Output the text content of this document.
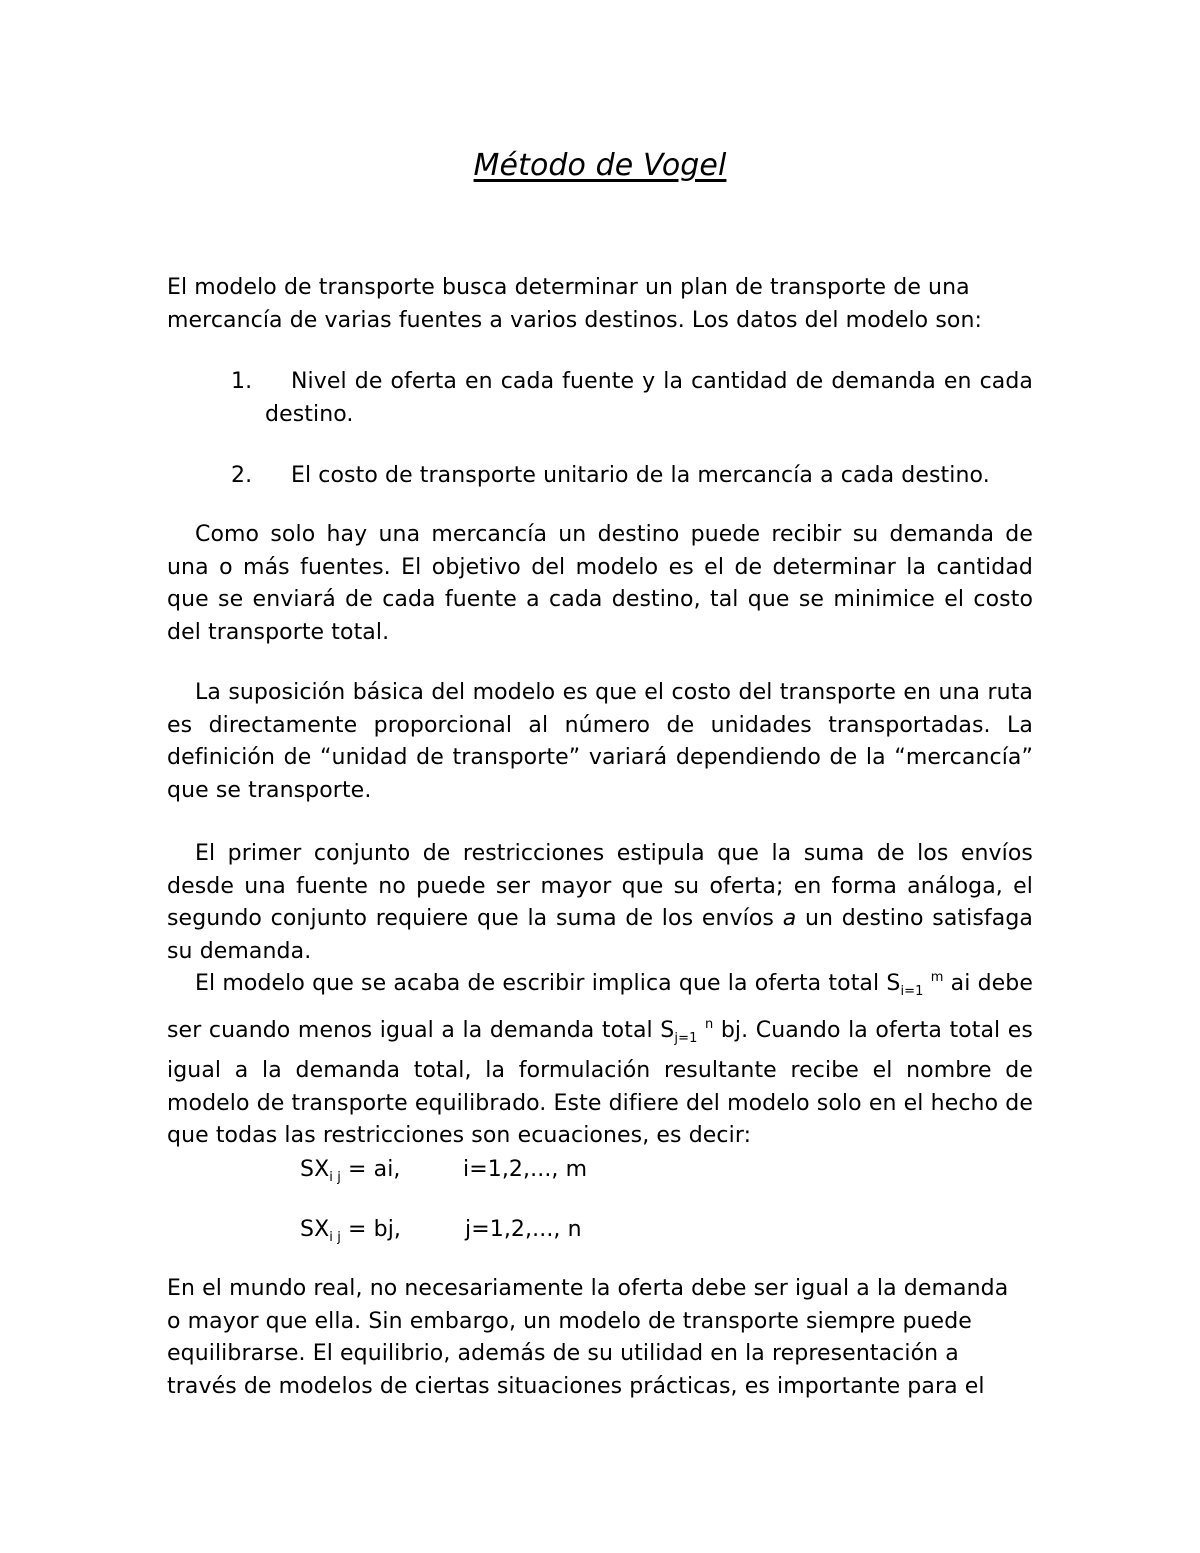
Método de Vogel

El modelo de transporte busca determinar un plan de transporte de una mercancía de varias fuentes a varios destinos. Los datos del modelo son:

1.	Nivel de oferta en cada fuente y la cantidad de demanda en cada
destino.
2.	El costo de transporte unitario de la mercancía a cada destino.

Como solo hay una mercancía un destino puede recibir su demanda de una o más fuentes. El objetivo del modelo es el de determinar la cantidad que se enviará de cada fuente a cada destino, tal que se minimice el costo del transporte total.

La suposición básica del modelo es que el costo del transporte en una ruta es directamente proporcional al número de unidades transportadas. La definición de “unidad de transporte” variará dependiendo de la “mercancía” que se transporte.

El primer conjunto de restricciones estipula que la suma de los envíos desde una fuente no puede ser mayor que su oferta; en forma análoga, el segundo conjunto requiere que la suma de los envíos a un destino satisfaga su demanda.

El modelo que se acaba de escribir implica que la oferta total $S_{i=1}$ $^m$ ai debe ser cuando menos igual a la demanda total $S_{j=1}$ $^n$ bj. Cuando la oferta total es igual a la demanda total, la formulación resultante recibe el nombre de modelo de transporte equilibrado. Este difiere del modelo solo en el hecho de que todas las restricciones son ecuaciones, es decir:

$SX_{i j}$ = ai,	i=1,2,..., m
$SX_{i j}$ = bj,	j=1,2,..., n

En el mundo real, no necesariamente la oferta debe ser igual a la demanda o mayor que ella. Sin embargo, un modelo de transporte siempre puede equilibrarse. El equilibrio, además de su utilidad en la representación a través de modelos de ciertas situaciones prácticas, es importante para el
